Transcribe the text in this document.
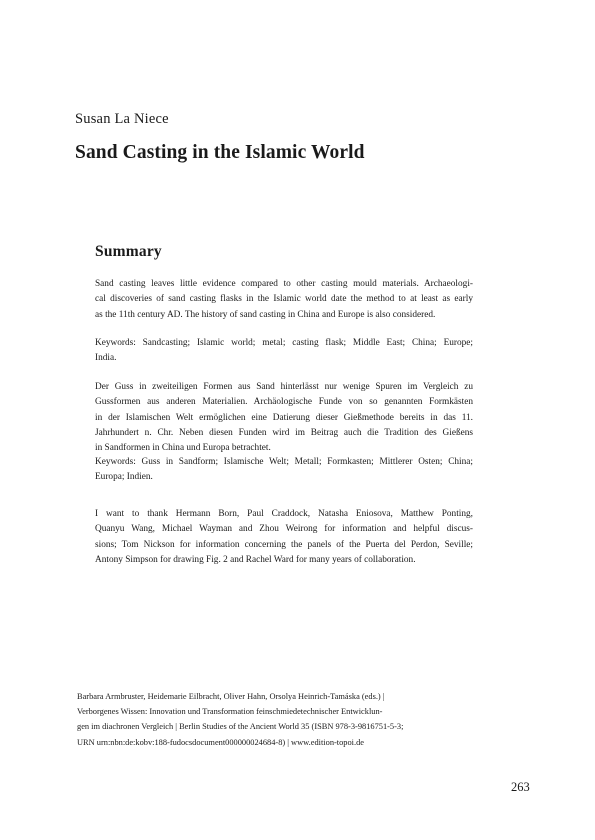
Susan La Niece
Sand Casting in the Islamic World
Summary
Sand casting leaves little evidence compared to other casting mould materials. Archaeologi-
cal discoveries of sand casting flasks in the Islamic world date the method to at least as early
as the 11th century AD. The history of sand casting in China and Europe is also considered.
Keywords: Sandcasting; Islamic world; metal; casting flask; Middle East; China; Europe;
India.
Der Guss in zweiteiligen Formen aus Sand hinterlässt nur wenige Spuren im Vergleich zu
Gussformen aus anderen Materialien. Archäologische Funde von so genannten Formkästen
in der Islamischen Welt ermöglichen eine Datierung dieser Gießmethode bereits in das 11.
Jahrhundert n. Chr. Neben diesen Funden wird im Beitrag auch die Tradition des Gießens
in Sandformen in China und Europa betrachtet.
Keywords: Guss in Sandform; Islamische Welt; Metall; Formkasten; Mittlerer Osten; China;
Europa; Indien.
I want to thank Hermann Born, Paul Craddock, Natasha Eniosova, Matthew Ponting,
Quanyu Wang, Michael Wayman and Zhou Weirong for information and helpful discus-
sions; Tom Nickson for information concerning the panels of the Puerta del Perdon, Seville;
Antony Simpson for drawing Fig. 2 and Rachel Ward for many years of collaboration.
Barbara Armbruster, Heidemarie Eilbracht, Oliver Hahn, Orsolya Heinrich-Tamáska (eds.) |
Verborgenes Wissen: Innovation und Transformation feinschmiedetechnischer Entwicklun-
gen im diachronen Vergleich | Berlin Studies of the Ancient World 35 (ISBN 978-3-9816751-5-3;
URN urn:nbn:de:kobv:188-fudocsdocument000000024684-8) | www.edition-topoi.de
263
